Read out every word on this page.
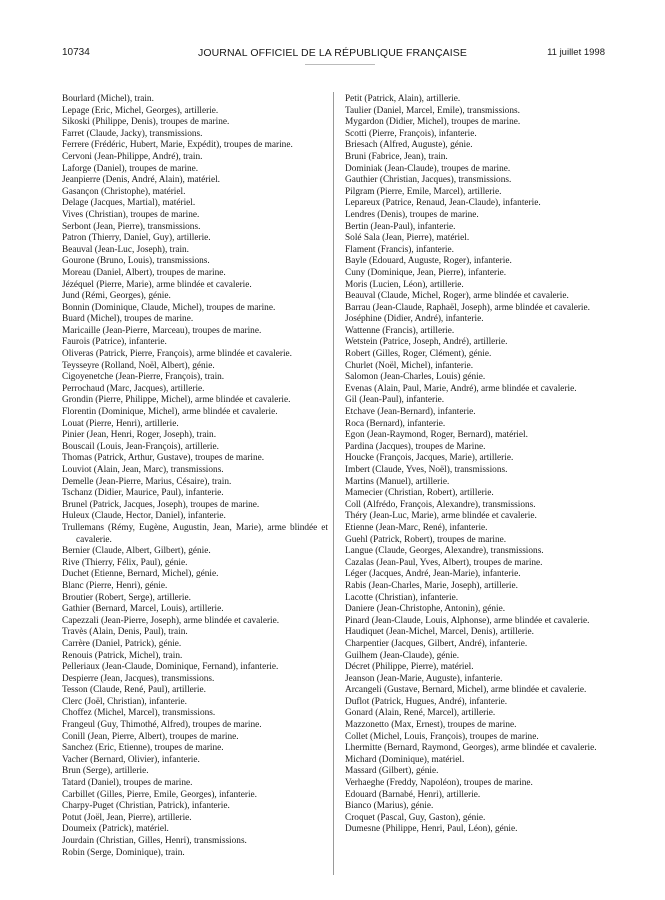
10734	JOURNAL OFFICIEL DE LA RÉPUBLIQUE FRANÇAISE	11 juillet 1998
Bourlard (Michel), train.
Lepage (Eric, Michel, Georges), artillerie.
Sikoski (Philippe, Denis), troupes de marine.
Farret (Claude, Jacky), transmissions.
Ferrere (Frédéric, Hubert, Marie, Expédit), troupes de marine.
Cervoni (Jean-Philippe, André), train.
Laforge (Daniel), troupes de marine.
Jeanpierre (Denis, André, Alain), matériel.
Gasançon (Christophe), matériel.
Delage (Jacques, Martial), matériel.
Vives (Christian), troupes de marine.
Serbont (Jean, Pierre), transmissions.
Patron (Thierry, Daniel, Guy), artillerie.
Beauval (Jean-Luc, Joseph), train.
Gourone (Bruno, Louis), transmissions.
Moreau (Daniel, Albert), troupes de marine.
Jézéquel (Pierre, Marie), arme blindée et cavalerie.
Jund (Rémi, Georges), génie.
Bonnin (Dominique, Claude, Michel), troupes de marine.
Buard (Michel), troupes de marine.
Maricaille (Jean-Pierre, Marceau), troupes de marine.
Faurois (Patrice), infanterie.
Oliveras (Patrick, Pierre, François), arme blindée et cavalerie.
Teysseyre (Rolland, Noël, Albert), génie.
Cigoyenetche (Jean-Pierre, François), train.
Perrochaud (Marc, Jacques), artillerie.
Grondin (Pierre, Philippe, Michel), arme blindée et cavalerie.
Florentin (Dominique, Michel), arme blindée et cavalerie.
Louat (Pierre, Henri), artillerie.
Pinier (Jean, Henri, Roger, Joseph), train.
Bouscail (Louis, Jean-François), artillerie.
Thomas (Patrick, Arthur, Gustave), troupes de marine.
Louviot (Alain, Jean, Marc), transmissions.
Demelle (Jean-Pierre, Marius, Césaire), train.
Tschanz (Didier, Maurice, Paul), infanterie.
Brunel (Patrick, Jacques, Joseph), troupes de marine.
Huleux (Claude, Hector, Daniel), infanterie.
Trullemans (Rémy, Eugène, Augustin, Jean, Marie), arme blindée et cavalerie.
Bernier (Claude, Albert, Gilbert), génie.
Rive (Thierry, Félix, Paul), génie.
Duchet (Etienne, Bernard, Michel), génie.
Blanc (Pierre, Henri), génie.
Broutier (Robert, Serge), artillerie.
Gathier (Bernard, Marcel, Louis), artillerie.
Capezzali (Jean-Pierre, Joseph), arme blindée et cavalerie.
Travès (Alain, Denis, Paul), train.
Carrère (Daniel, Patrick), génie.
Renouis (Patrick, Michel), train.
Pelleriaux (Jean-Claude, Dominique, Fernand), infanterie.
Despierre (Jean, Jacques), transmissions.
Tesson (Claude, René, Paul), artillerie.
Clerc (Joël, Christian), infanterie.
Choffez (Michel, Marcel), transmissions.
Frangeul (Guy, Thimothé, Alfred), troupes de marine.
Conill (Jean, Pierre, Albert), troupes de marine.
Sanchez (Eric, Etienne), troupes de marine.
Vacher (Bernard, Olivier), infanterie.
Brun (Serge), artillerie.
Tatard (Daniel), troupes de marine.
Carbillet (Gilles, Pierre, Emile, Georges), infanterie.
Charpy-Puget (Christian, Patrick), infanterie.
Potut (Joël, Jean, Pierre), artillerie.
Doumeix (Patrick), matériel.
Jourdain (Christian, Gilles, Henri), transmissions.
Robin (Serge, Dominique), train.
Petit (Patrick, Alain), artillerie.
Taulier (Daniel, Marcel, Emile), transmissions.
Mygardon (Didier, Michel), troupes de marine.
Scotti (Pierre, François), infanterie.
Briesach (Alfred, Auguste), génie.
Bruni (Fabrice, Jean), train.
Dominiak (Jean-Claude), troupes de marine.
Gauthier (Christian, Jacques), transmissions.
Pilgram (Pierre, Emile, Marcel), artillerie.
Lepareux (Patrice, Renaud, Jean-Claude), infanterie.
Lendres (Denis), troupes de marine.
Bertin (Jean-Paul), infanterie.
Solé Sala (Jean, Pierre), matériel.
Flament (Francis), infanterie.
Bayle (Edouard, Auguste, Roger), infanterie.
Cuny (Dominique, Jean, Pierre), infanterie.
Moris (Lucien, Léon), artillerie.
Beauval (Claude, Michel, Roger), arme blindée et cavalerie.
Barrau (Jean-Claude, Raphaël, Joseph), arme blindée et cavalerie.
Joséphine (Didier, André), infanterie.
Wattenne (Francis), artillerie.
Wetstein (Patrice, Joseph, André), artillerie.
Robert (Gilles, Roger, Clément), génie.
Churlet (Noël, Michel), infanterie.
Salomon (Jean-Charles, Louis) génie.
Evenas (Alain, Paul, Marie, André), arme blindée et cavalerie.
Gil (Jean-Paul), infanterie.
Etchave (Jean-Bernard), infanterie.
Roca (Bernard), infanterie.
Egon (Jean-Raymond, Roger, Bernard), matériel.
Pardina (Jacques), troupes de Marine.
Houcke (François, Jacques, Marie), artillerie.
Imbert (Claude, Yves, Noël), transmissions.
Martins (Manuel), artillerie.
Mamecier (Christian, Robert), artillerie.
Coll (Alfrédo, François, Alexandre), transmissions.
Théry (Jean-Luc, Marie), arme blindée et cavalerie.
Etienne (Jean-Marc, René), infanterie.
Guehl (Patrick, Robert), troupes de marine.
Langue (Claude, Georges, Alexandre), transmissions.
Cazalas (Jean-Paul, Yves, Albert), troupes de marine.
Léger (Jacques, André, Jean-Marie), infanterie.
Rabis (Jean-Charles, Marie, Joseph), artillerie.
Lacotte (Christian), infanterie.
Daniere (Jean-Christophe, Antonin), génie.
Pinard (Jean-Claude, Louis, Alphonse), arme blindée et cavalerie.
Haudiquet (Jean-Michel, Marcel, Denis), artillerie.
Charpentier (Jacques, Gilbert, André), infanterie.
Guilhem (Jean-Claude), génie.
Décret (Philippe, Pierre), matériel.
Jeanson (Jean-Marie, Auguste), infanterie.
Arcangeli (Gustave, Bernard, Michel), arme blindée et cavalerie.
Duflot (Patrick, Hugues, André), infanterie.
Gonard (Alain, René, Marcel), artillerie.
Mazzonetto (Max, Ernest), troupes de marine.
Collet (Michel, Louis, François), troupes de marine.
Lhermitte (Bernard, Raymond, Georges), arme blindée et cavalerie.
Michard (Dominique), matériel.
Massard (Gilbert), génie.
Verhaeghe (Freddy, Napoléon), troupes de marine.
Edouard (Barnabé, Henri), artillerie.
Bianco (Marius), génie.
Croquet (Pascal, Guy, Gaston), génie.
Dumesne (Philippe, Henri, Paul, Léon), génie.
